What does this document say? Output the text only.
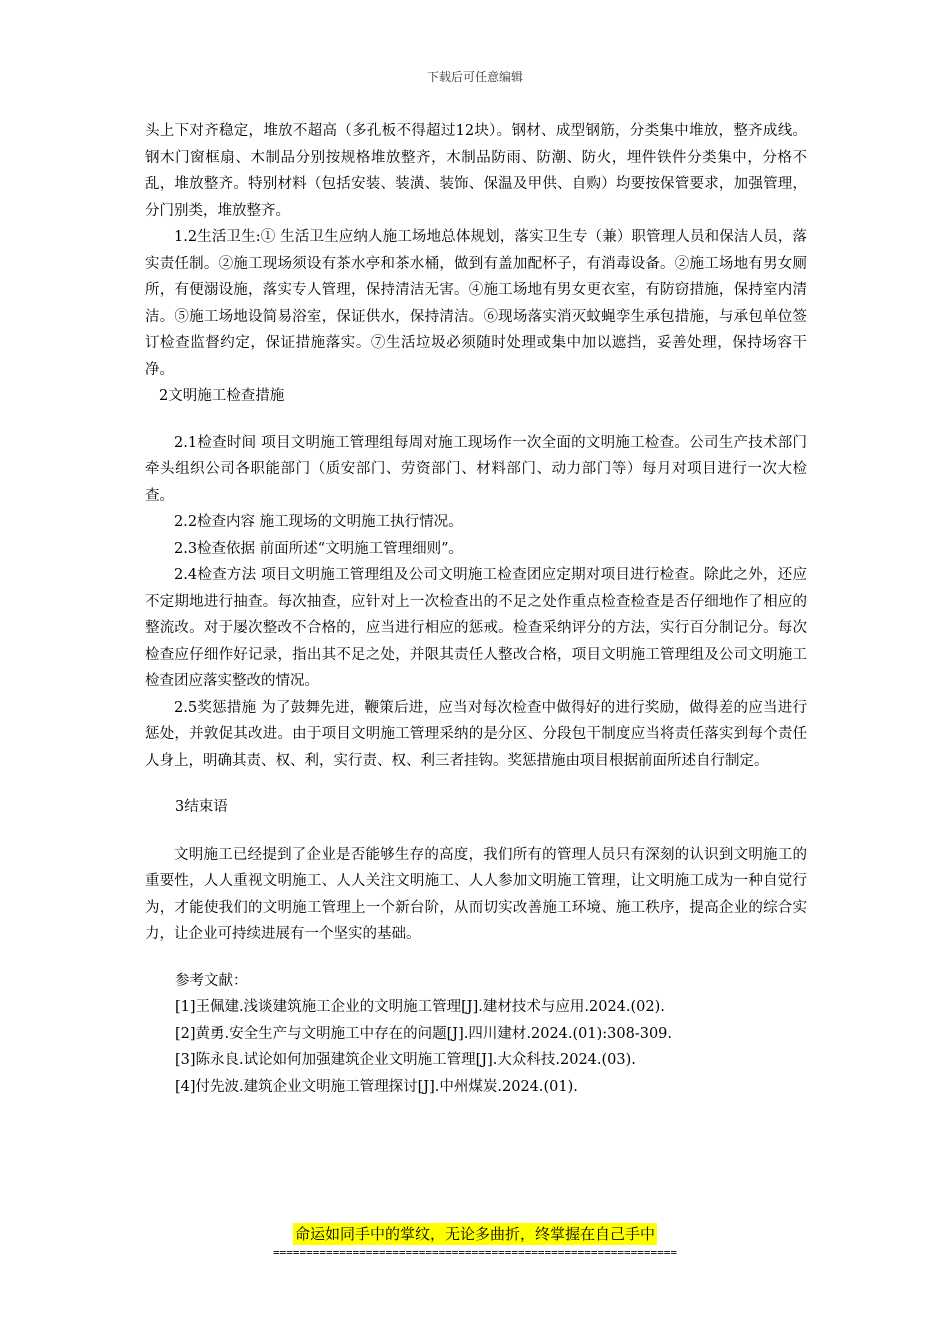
下载后可任意编辑

头上下对齐稳定，堆放不超高（多孔板不得超过12块）。钢材、成型钢筋，分类集中堆放，整齐成线。钢木门窗框扇、木制品分别按规格堆放整齐，木制品防雨、防潮、防火，埋件铁件分类集中，分格不乱，堆放整齐。特别材料（包括安装、装潢、装饰、保温及甲供、自购）均要按保管要求，加强管理，分门别类，堆放整齐。

1.2生活卫生:① 生活卫生应纳人施工场地总体规划，落实卫生专（兼）职管理人员和保洁人员，落实责任制。②施工现场须设有茶水亭和茶水桶，做到有盖加配杯子，有消毒设备。②施工场地有男女厕所，有便溺设施，落实专人管理，保持清洁无害。④施工场地有男女更衣室，有防窃措施，保持室内清洁。⑤施工场地设简易浴室，保证供水，保持清洁。⑥现场落实消灭蚊蝇孪生承包措施，与承包单位签订检查监督约定，保证措施落实。⑦生活垃圾必须随时处理或集中加以遮挡，妥善处理，保持场容干净。

2文明施工检查措施

2.1检查时间 项目文明施工管理组每周对施工现场作一次全面的文明施工检查。公司生产技术部门牵头组织公司各职能部门（质安部门、劳资部门、材料部门、动力部门等）每月对项目进行一次大检查。

2.2检查内容 施工现场的文明施工执行情况。

2.3检查依据 前面所述“文明施工管理细则”。

2.4检查方法 项目文明施工管理组及公司文明施工检查团应定期对项目进行检查。除此之外，还应不定期地进行抽查。每次抽查，应针对上一次检查出的不足之处作重点检查检查是否仔细地作了相应的整流改。对于屡次整改不合格的，应当进行相应的惩戒。检查采纳评分的方法，实行百分制记分。每次检查应仔细作好记录，指出其不足之处，并限其责任人整改合格，项目文明施工管理组及公司文明施工检查团应落实整改的情况。

2.5奖惩措施 为了鼓舞先进，鞭策后进，应当对每次检查中做得好的进行奖励，做得差的应当进行惩处，并敦促其改进。由于项目文明施工管理采纳的是分区、分段包干制度应当将责任落实到每个责任人身上，明确其责、权、利，实行责、权、利三者挂钩。奖惩措施由项目根据前面所述自行制定。

3结束语

文明施工已经提到了企业是否能够生存的高度，我们所有的管理人员只有深刻的认识到文明施工的重要性，人人重视文明施工、人人关注文明施工、人人参加文明施工管理，让文明施工成为一种自觉行为，才能使我们的文明施工管理上一个新台阶，从而切实改善施工环境、施工秩序，提高企业的综合实力，让企业可持续进展有一个坚实的基础。

参考文献：

[1]王佩建.浅谈建筑施工企业的文明施工管理[J].建材技术与应用.2024.(02).

[2]黄勇.安全生产与文明施工中存在的问题[J].四川建材.2024.(01):308-309.

[3]陈永良.试论如何加强建筑企业文明施工管理[J].大众科技.2024.(03).

[4]付先波.建筑企业文明施工管理探讨[J].中州煤炭.2024.(01).

命运如同手中的掌纹，无论多曲折，终掌握在自己手中
=============================================================
